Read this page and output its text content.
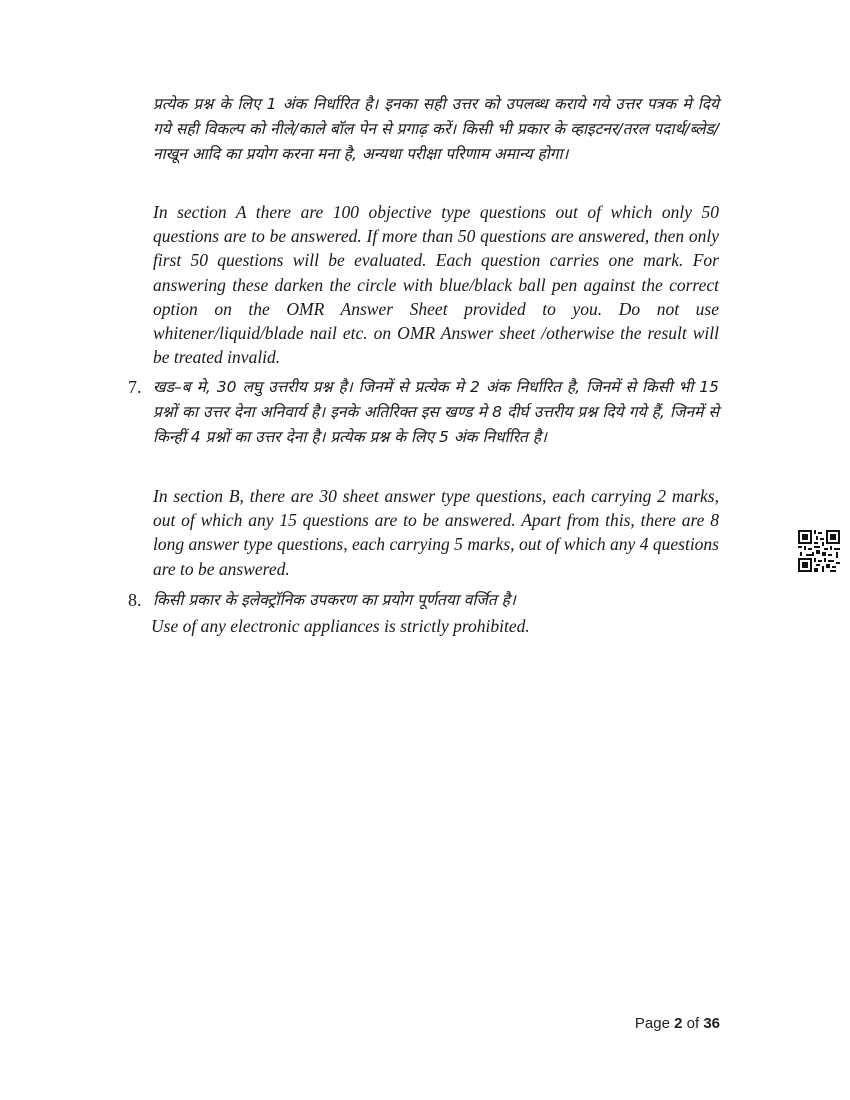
प्रत्येक प्रश्न के लिए 1 अंक निर्धारित है। इनका सही उत्तर को उपलब्ध कराये गये उत्तर पत्रक मे दिये गये सही विकल्प को नीले/काले बॉल पेन से प्रगाढ़ करें। किसी भी प्रकार के व्हाइटनर/तरल पदार्थ/ब्लेड/नाखून आदि का प्रयोग करना मना है, अन्यथा परीक्षा परिणाम अमान्य होगा।

In section A there are 100 objective type questions out of which only 50 questions are to be answered. If more than 50 questions are answered, then only first 50 questions will be evaluated. Each question carries one mark. For answering these darken the circle with blue/black ball pen against the correct option on the OMR Answer Sheet provided to you. Do not use whitener/liquid/blade nail etc. on OMR Answer sheet /otherwise the result will be treated invalid.

7. खड–ब मे, 30 लघु उत्तरीय प्रश्न है। जिनमें से प्रत्येक मे 2 अंक निर्धारित है, जिनमें से किसी भी 15 प्रश्नों का उत्तर देना अनिवार्य है। इनके अतिरिक्त इस खण्ड मे 8 दीर्घ उत्तरीय प्रश्न दिये गये हैं, जिनमें से किन्हीं 4 प्रश्नों का उत्तर देना है। प्रत्येक प्रश्न के लिए 5 अंक निर्धारित है।

In section B, there are 30 sheet answer type questions, each carrying 2 marks, out of which any 15 questions are to be answered. Apart from this, there are 8 long answer type questions, each carrying 5 marks, out of which any 4 questions are to be answered.

8. किसी प्रकार के इलेक्ट्रॉनिक उपकरण का प्रयोग पूर्णतया वर्जित है।

Use of any electronic appliances is strictly prohibited.

Page 2 of 36
